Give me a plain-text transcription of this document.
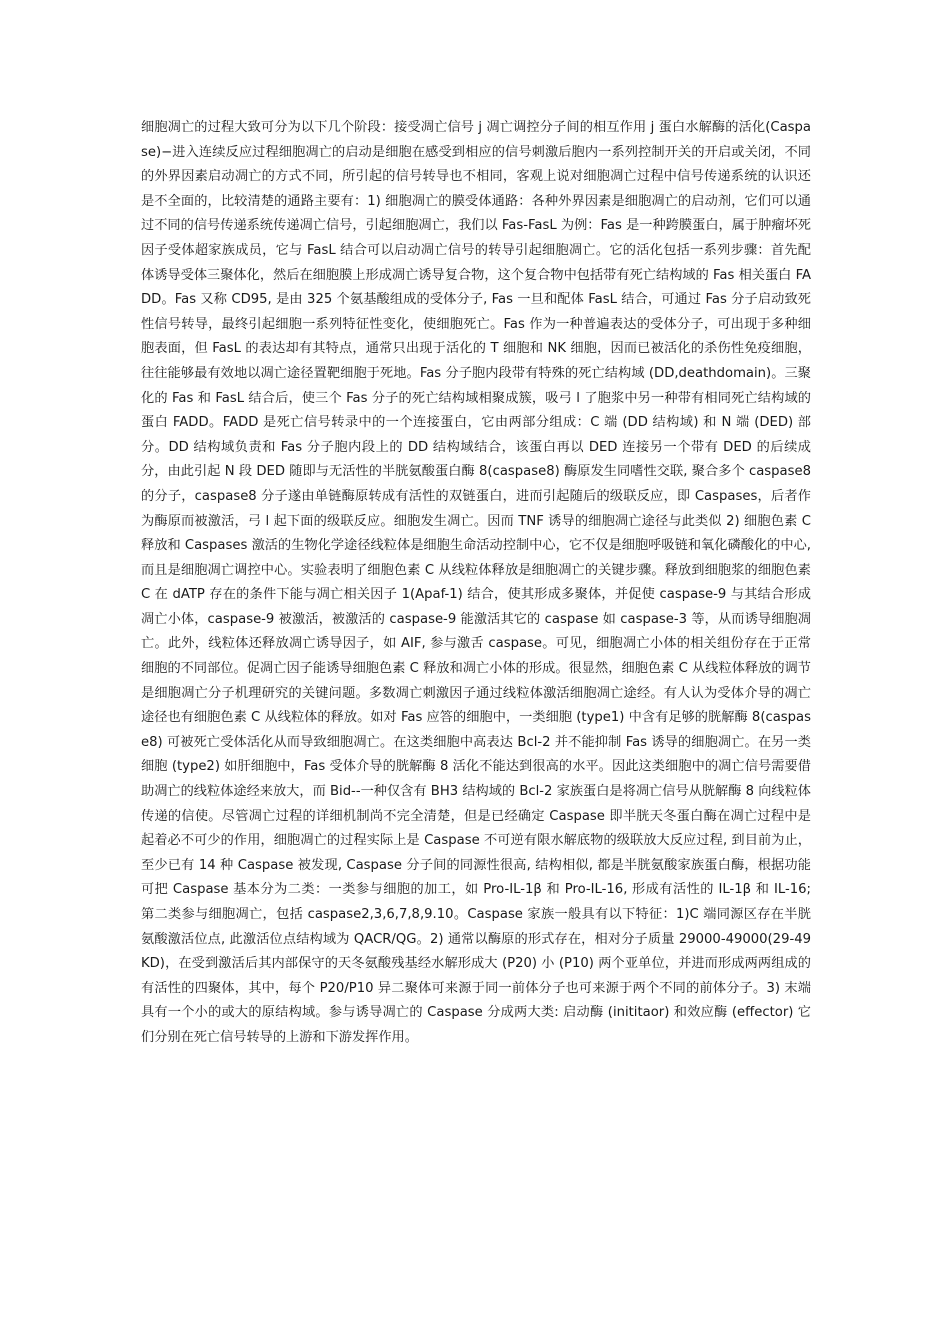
细胞凋亡的过程大致可分为以下几个阶段：接受凋亡信号 j 凋亡调控分子间的相互作用 j 蛋白水解酶的活化(Caspase)−进入连续反应过程细胞凋亡的启动是细胞在感受到相应的信号刺激后胞内一系列控制开关的开启或关闭，不同的外界因素启动凋亡的方式不同，所引起的信号转导也不相同，客观上说对细胞凋亡过程中信号传递系统的认识还是不全面的，比较清楚的通路主要有：1) 细胞凋亡的膜受体通路：各种外界因素是细胞凋亡的启动剂，它们可以通过不同的信号传递系统传递凋亡信号，引起细胞凋亡，我们以 Fas-FasL 为例：Fas 是一种跨膜蛋白，属于肿瘤坏死因子受体超家族成员，它与 FasL 结合可以启动凋亡信号的转导引起细胞凋亡。它的活化包括一系列步骤：首先配体诱导受体三聚体化，然后在细胞膜上形成凋亡诱导复合物，这个复合物中包括带有死亡结构域的 Fas 相关蛋白 FADD。Fas 又称 CD95, 是由 325 个氨基酸组成的受体分子, Fas 一旦和配体 FasL 结合，可通过 Fas 分子启动致死性信号转导，最终引起细胞一系列特征性变化，使细胞死亡。Fas 作为一种普遍表达的受体分子，可出现于多种细胞表面，但 FasL 的表达却有其特点，通常只出现于活化的 T 细胞和 NK 细胞，因而已被活化的杀伤性免疫细胞，往往能够最有效地以凋亡途径置靶细胞于死地。Fas 分子胞内段带有特殊的死亡结构域 (DD,deathdomain)。三聚化的 Fas 和 FasL 结合后，使三个 Fas 分子的死亡结构域相聚成簇，吸弓 l 了胞浆中另一种带有相同死亡结构域的蛋白 FADD。FADD 是死亡信号转录中的一个连接蛋白，它由两部分组成：C 端 (DD 结构域) 和 N 端 (DED) 部分。DD 结构域负责和 Fas 分子胞内段上的 DD 结构域结合，该蛋白再以 DED 连接另一个带有 DED 的后续成分，由此引起 N 段 DED 随即与无活性的半胱氨酸蛋白酶 8(caspase8) 酶原发生同嗜性交联, 聚合多个 caspase8 的分子，caspase8 分子遂由单链酶原转成有活性的双链蛋白，进而引起随后的级联反应，即 Caspases，后者作为酶原而被激活，弓 l 起下面的级联反应。细胞发生凋亡。因而 TNF 诱导的细胞凋亡途径与此类似 2) 细胞色素 C 释放和 Caspases 激活的生物化学途径线粒体是细胞生命活动控制中心，它不仅是细胞呼吸链和氧化磷酸化的中心, 而且是细胞凋亡调控中心。实验表明了细胞色素 C 从线粒体释放是细胞凋亡的关键步骤。释放到细胞浆的细胞色素 C 在 dATP 存在的条件下能与凋亡相关因子 1(Apaf-1) 结合，使其形成多聚体，并促使 caspase-9 与其结合形成凋亡小体，caspase-9 被激活，被激活的 caspase-9 能激活其它的 caspase 如 caspase-3 等，从而诱导细胞凋亡。此外，线粒体还释放凋亡诱导因子，如 AIF, 参与激舌 caspase。可见，细胞凋亡小体的相关组份存在于正常细胞的不同部位。促凋亡因子能诱导细胞色素 C 释放和凋亡小体的形成。很显然，细胞色素 C 从线粒体释放的调节是细胞凋亡分子机理研究的关键问题。多数凋亡刺激因子通过线粒体激活细胞凋亡途经。有人认为受体介导的凋亡途径也有细胞色素 C 从线粒体的释放。如对 Fas 应答的细胞中，一类细胞 (type1) 中含有足够的胱解酶 8(caspase8) 可被死亡受体活化从而导致细胞凋亡。在这类细胞中高表达 Bcl-2 并不能抑制 Fas 诱导的细胞凋亡。在另一类细胞 (type2) 如肝细胞中，Fas 受体介导的胱解酶 8 活化不能达到很高的水平。因此这类细胞中的凋亡信号需要借助凋亡的线粒体途经来放大，而 Bid--一种仅含有 BH3 结构域的 Bcl-2 家族蛋白是将凋亡信号从胱解酶 8 向线粒体传递的信使。尽管凋亡过程的详细机制尚不完全清楚，但是已经确定 Caspase 即半胱天冬蛋白酶在凋亡过程中是起着必不可少的作用，细胞凋亡的过程实际上是 Caspase 不可逆有限水解底物的级联放大反应过程, 到目前为止，至少已有 14 种 Caspase 被发现, Caspase 分子间的同源性很高, 结构相似, 都是半胱氨酸家族蛋白酶，根据功能可把 Caspase 基本分为二类：一类参与细胞的加工，如 Pro-IL-1β 和 Pro-IL-16, 形成有活性的 IL-1β 和 IL-16; 第二类参与细胞凋亡，包括 caspase2,3,6,7,8,9.10。Caspase 家族一般具有以下特征：1)C 端同源区存在半胱氨酸激活位点, 此激活位点结构域为 QACR/QG。2) 通常以酶原的形式存在，相对分子质量 29000-49000(29-49KD)，在受到激活后其内部保守的天冬氨酸残基经水解形成大 (P20) 小 (P10) 两个亚单位，并进而形成两两组成的有活性的四聚体，其中，每个 P20/P10 异二聚体可来源于同一前体分子也可来源于两个不同的前体分子。3) 末端具有一个小的或大的原结构域。参与诱导凋亡的 Caspase 分成两大类: 启动酶 (inititaor) 和效应酶 (effector) 它们分别在死亡信号转导的上游和下游发挥作用。
